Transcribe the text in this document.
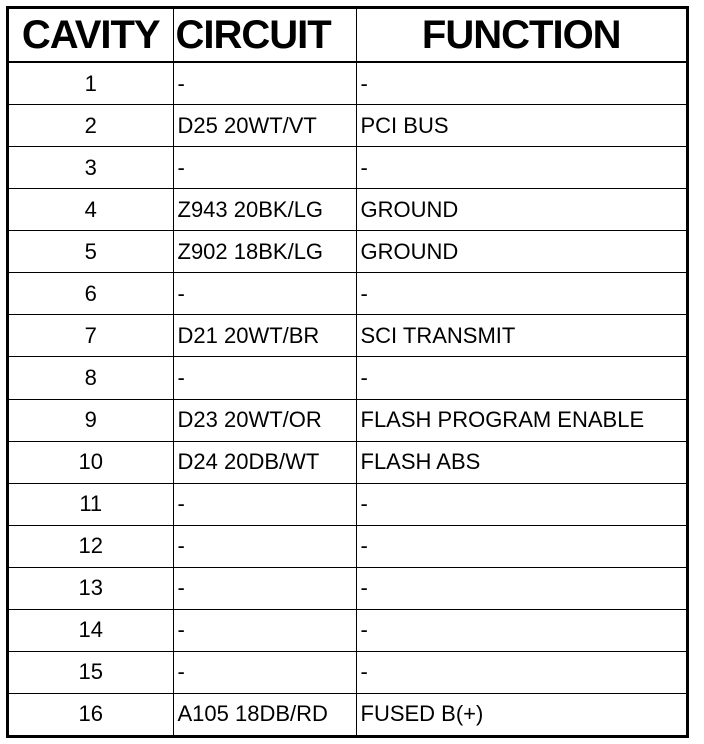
CAVITY	CIRCUIT	FUNCTION
1	-	-
2	D25 20WT/VT	PCI BUS
3	-	-
4	Z943 20BK/LG	GROUND
5	Z902 18BK/LG	GROUND
6	-	-
7	D21 20WT/BR	SCI TRANSMIT
8	-	-
9	D23 20WT/OR	FLASH PROGRAM ENABLE
10	D24 20DB/WT	FLASH ABS
11	-	-
12	-	-
13	-	-
14	-	-
15	-	-
16	A105 18DB/RD	FUSED B(+)
